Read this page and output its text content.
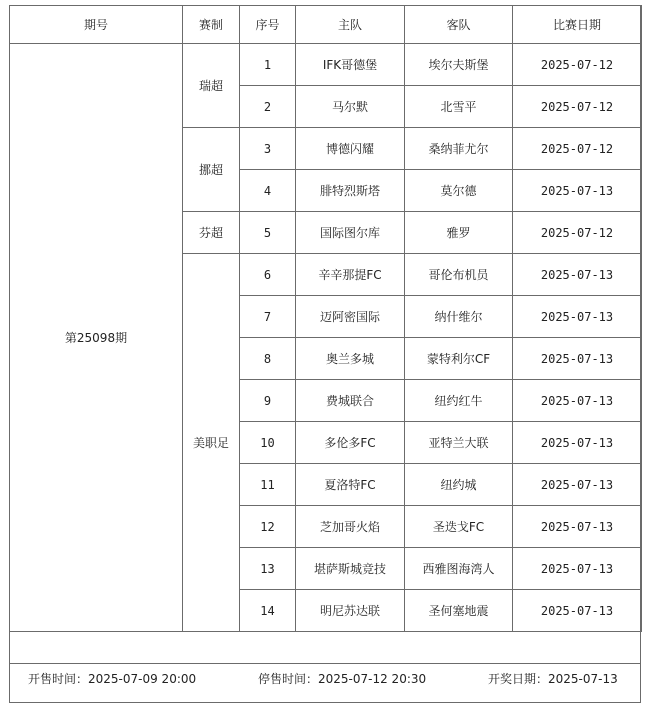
期号	赛制	序号	主队	客队	比赛日期
第25098期	瑞超	1	IFK哥德堡	埃尔夫斯堡	2025-07-12
		2	马尔默	北雪平	2025-07-12
	挪超	3	博德闪耀	桑纳菲尤尔	2025-07-12
		4	腓特烈斯塔	莫尔德	2025-07-13
	芬超	5	国际图尔库	雅罗	2025-07-12
	美职足	6	辛辛那提FC	哥伦布机员	2025-07-13
		7	迈阿密国际	纳什维尔	2025-07-13
		8	奥兰多城	蒙特利尔CF	2025-07-13
		9	费城联合	纽约红牛	2025-07-13
		10	多伦多FC	亚特兰大联	2025-07-13
		11	夏洛特FC	纽约城	2025-07-13
		12	芝加哥火焰	圣迭戈FC	2025-07-13
		13	堪萨斯城竞技	西雅图海湾人	2025-07-13
		14	明尼苏达联	圣何塞地震	2025-07-13
开售时间：2025-07-09 20:00	停售时间：2025-07-12 20:30	开奖日期：2025-07-13
